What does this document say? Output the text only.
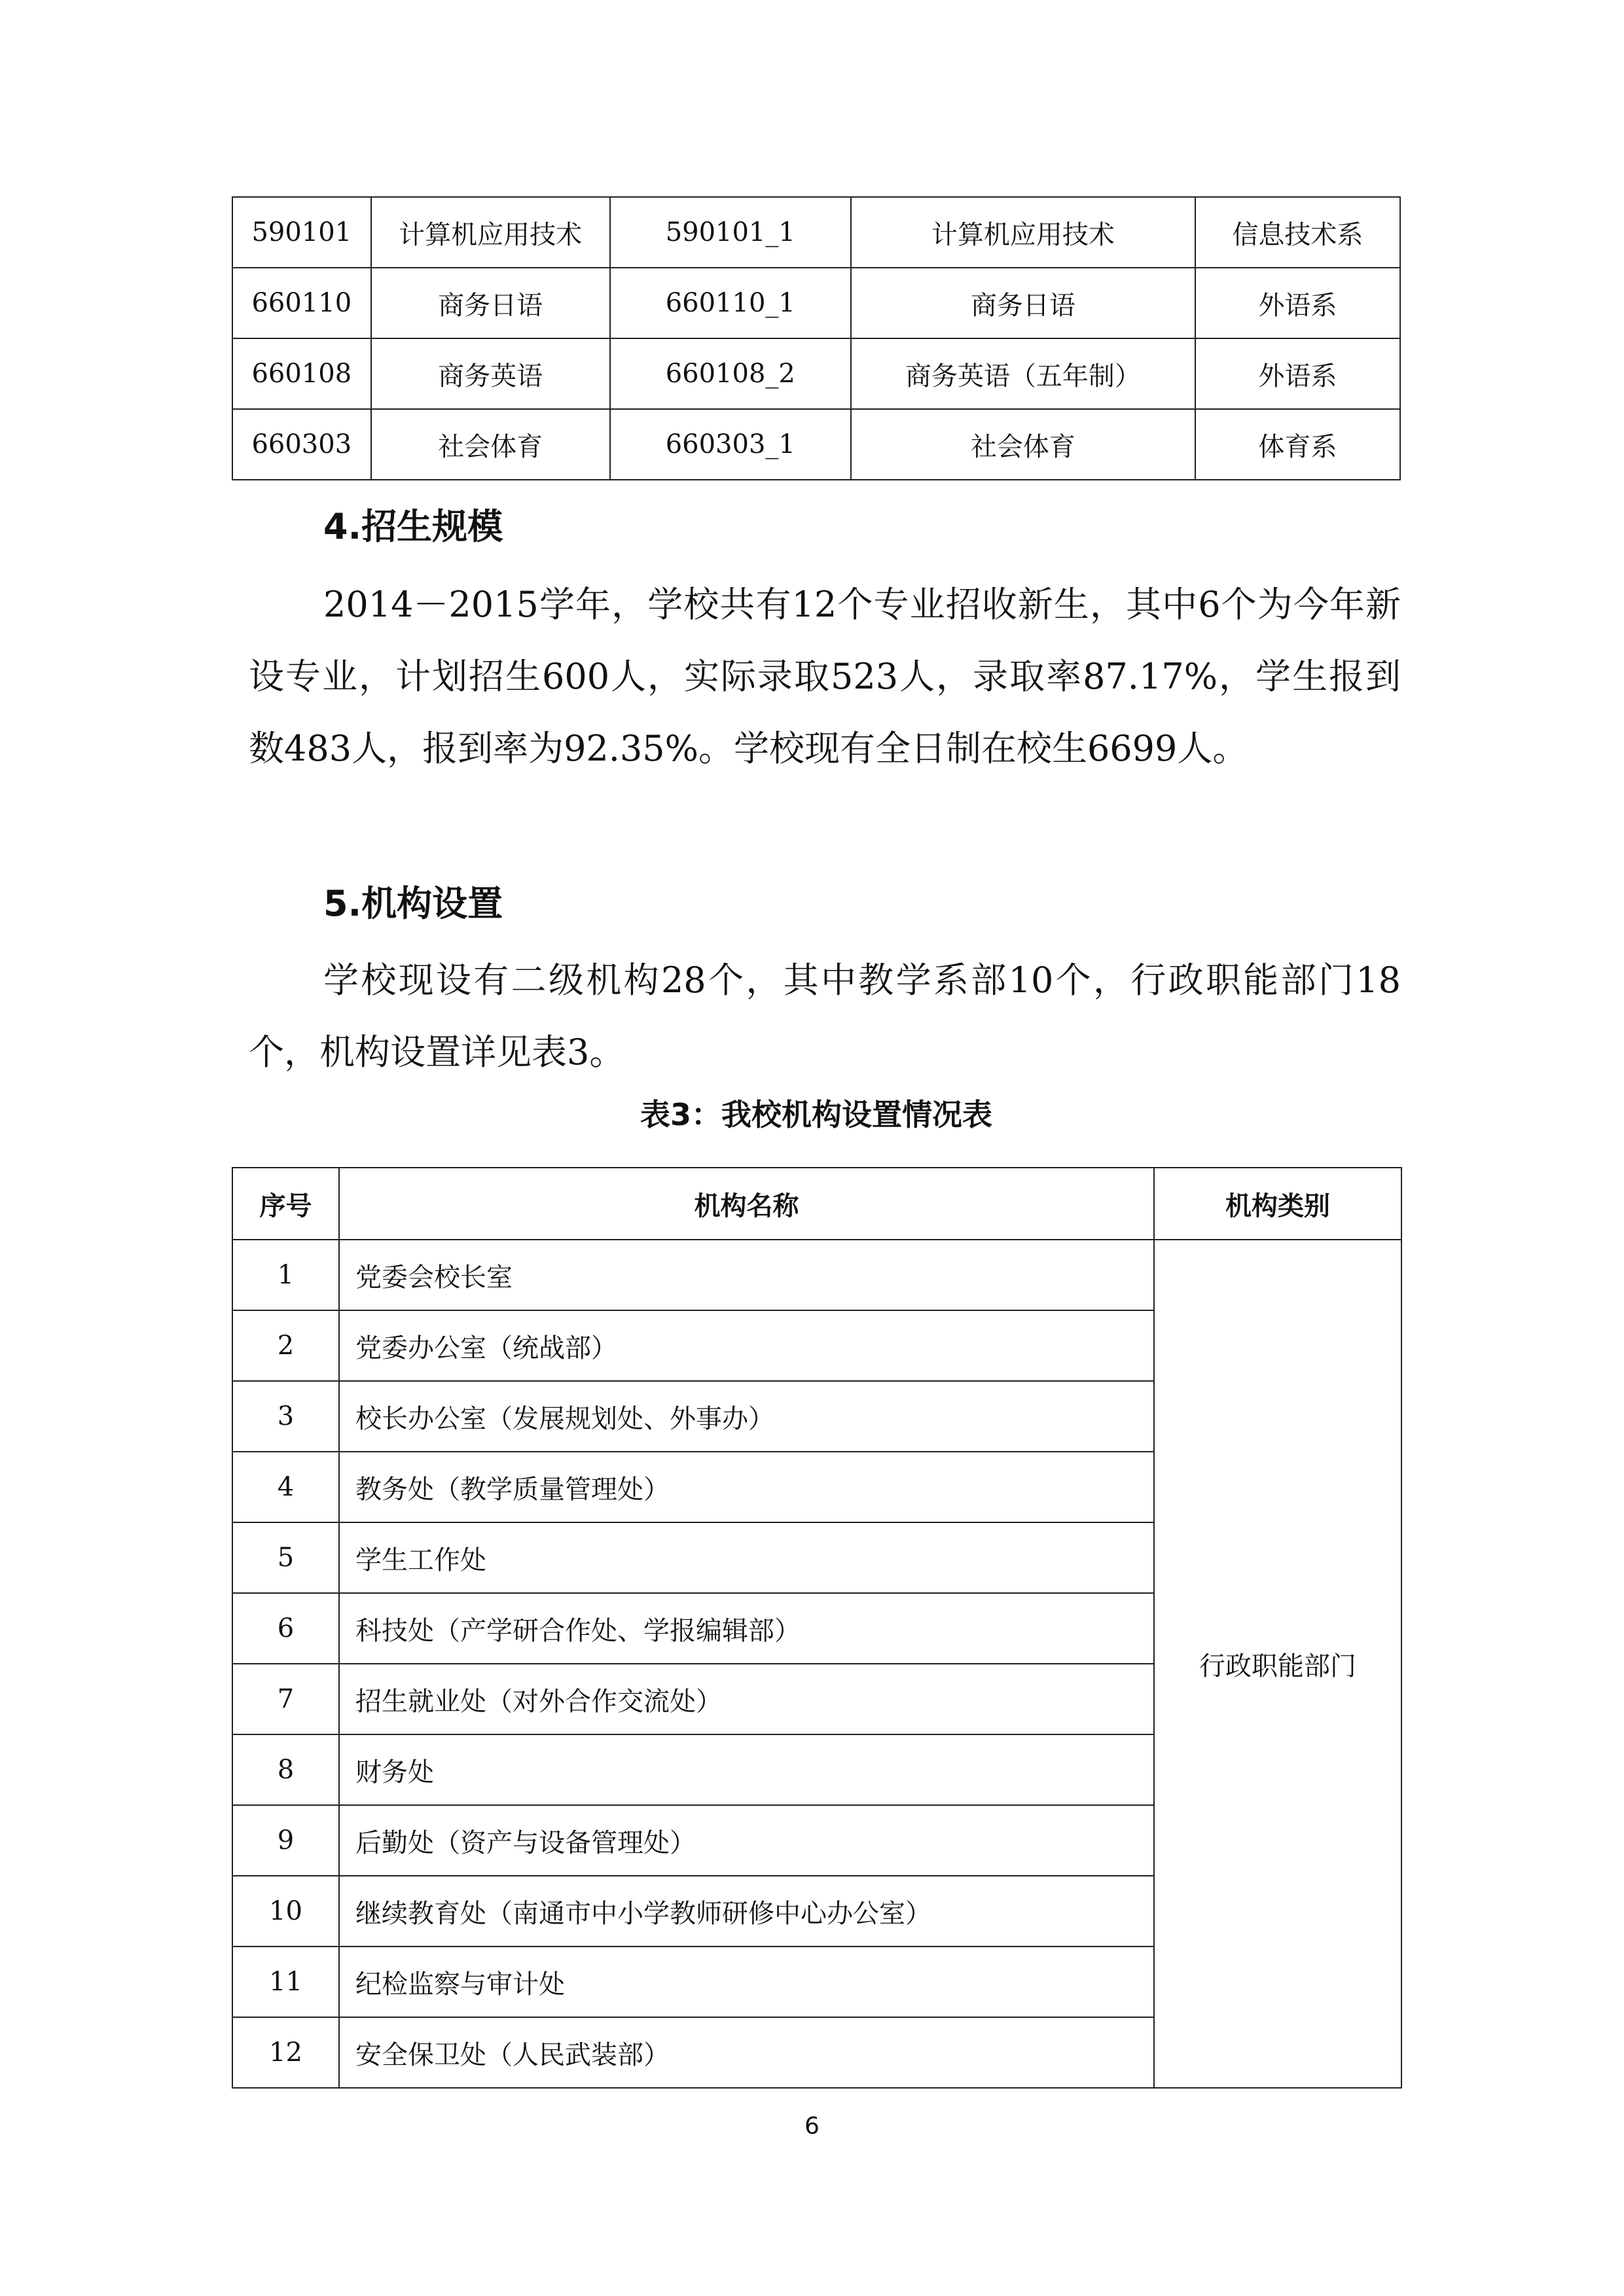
590101	计算机应用技术	590101_1	计算机应用技术	信息技术系
660110	商务日语	660110_1	商务日语	外语系
660108	商务英语	660108_2	商务英语（五年制）	外语系
660303	社会体育	660303_1	社会体育	体育系
4.招生规模

2014－2015学年，学校共有12个专业招收新生，其中6个为今年新设专业，计划招生600人，实际录取523人，录取率87.17%，学生报到数483人，报到率为92.35%。学校现有全日制在校生6699人。

5.机构设置

学校现设有二级机构28个，其中教学系部10个，行政职能部门18个，机构设置详见表3。

表3：我校机构设置情况表
序号	机构名称	机构类别
1	党委会校长室	行政职能部门
2	党委办公室（统战部）	
3	校长办公室（发展规划处、外事办）	
4	教务处（教学质量管理处）	
5	学生工作处	
6	科技处（产学研合作处、学报编辑部）	
7	招生就业处（对外合作交流处）	
8	财务处	
9	后勤处（资产与设备管理处）	
10	继续教育处（南通市中小学教师研修中心办公室）	
11	纪检监察与审计处	
12	安全保卫处（人民武装部）	
6
